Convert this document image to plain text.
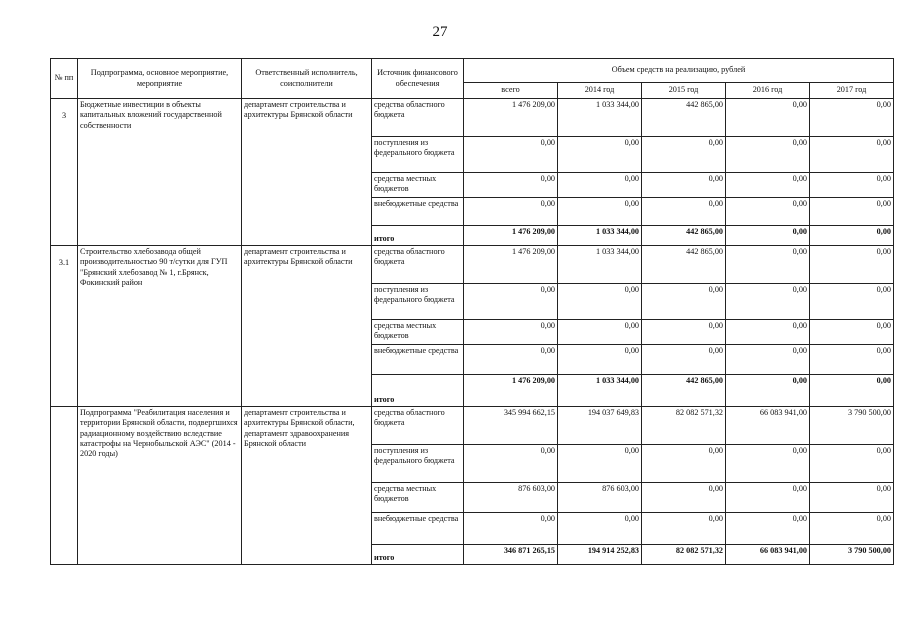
27
№ пп	Подпрограмма, основное мероприятие, мероприятие	Ответственный исполнитель, соисполнители	Источник финансового обеспечения	Объем средств на реализацию, рублей				
				всего	2014 год	2015 год	2016 год	2017 год
3	Бюджетные инвестиции в объекты капитальных вложений государственной собственности	департамент строительства и архитектуры Брянской области	средства областного бюджета	1 476 209,00	1 033 344,00	442 865,00	0,00	0,00
			поступления из федерального бюджета	0,00	0,00	0,00	0,00	0,00
			средства местных бюджетов	0,00	0,00	0,00	0,00	0,00
			внебюджетные средства	0,00	0,00	0,00	0,00	0,00
			итого	1 476 209,00	1 033 344,00	442 865,00	0,00	0,00
3.1	Строительство хлебозавода общей производительностью 90 т/сутки для ГУП "Брянский хлебозавод № 1, г.Брянск, Фокинский район	департамент строительства и архитектуры Брянской области	средства областного бюджета	1 476 209,00	1 033 344,00	442 865,00	0,00	0,00
			поступления из федерального бюджета	0,00	0,00	0,00	0,00	0,00
			средства местных бюджетов	0,00	0,00	0,00	0,00	0,00
			внебюджетные средства	0,00	0,00	0,00	0,00	0,00
			итого	1 476 209,00	1 033 344,00	442 865,00	0,00	0,00
	Подпрограмма "Реабилитация населения и территории Брянской области, подвергшихся радиационному воздействию вследствие катастрофы на Чернобыльской АЭС" (2014 - 2020 годы)	департамент строительства и архитектуры Брянской области, департамент здравоохранения Брянской области	средства областного бюджета	345 994 662,15	194 037 649,83	82 082 571,32	66 083 941,00	3 790 500,00
			поступления из федерального бюджета	0,00	0,00	0,00	0,00	0,00
			средства местных бюджетов	876 603,00	876 603,00	0,00	0,00	0,00
			внебюджетные средства	0,00	0,00	0,00	0,00	0,00
			итого	346 871 265,15	194 914 252,83	82 082 571,32	66 083 941,00	3 790 500,00
